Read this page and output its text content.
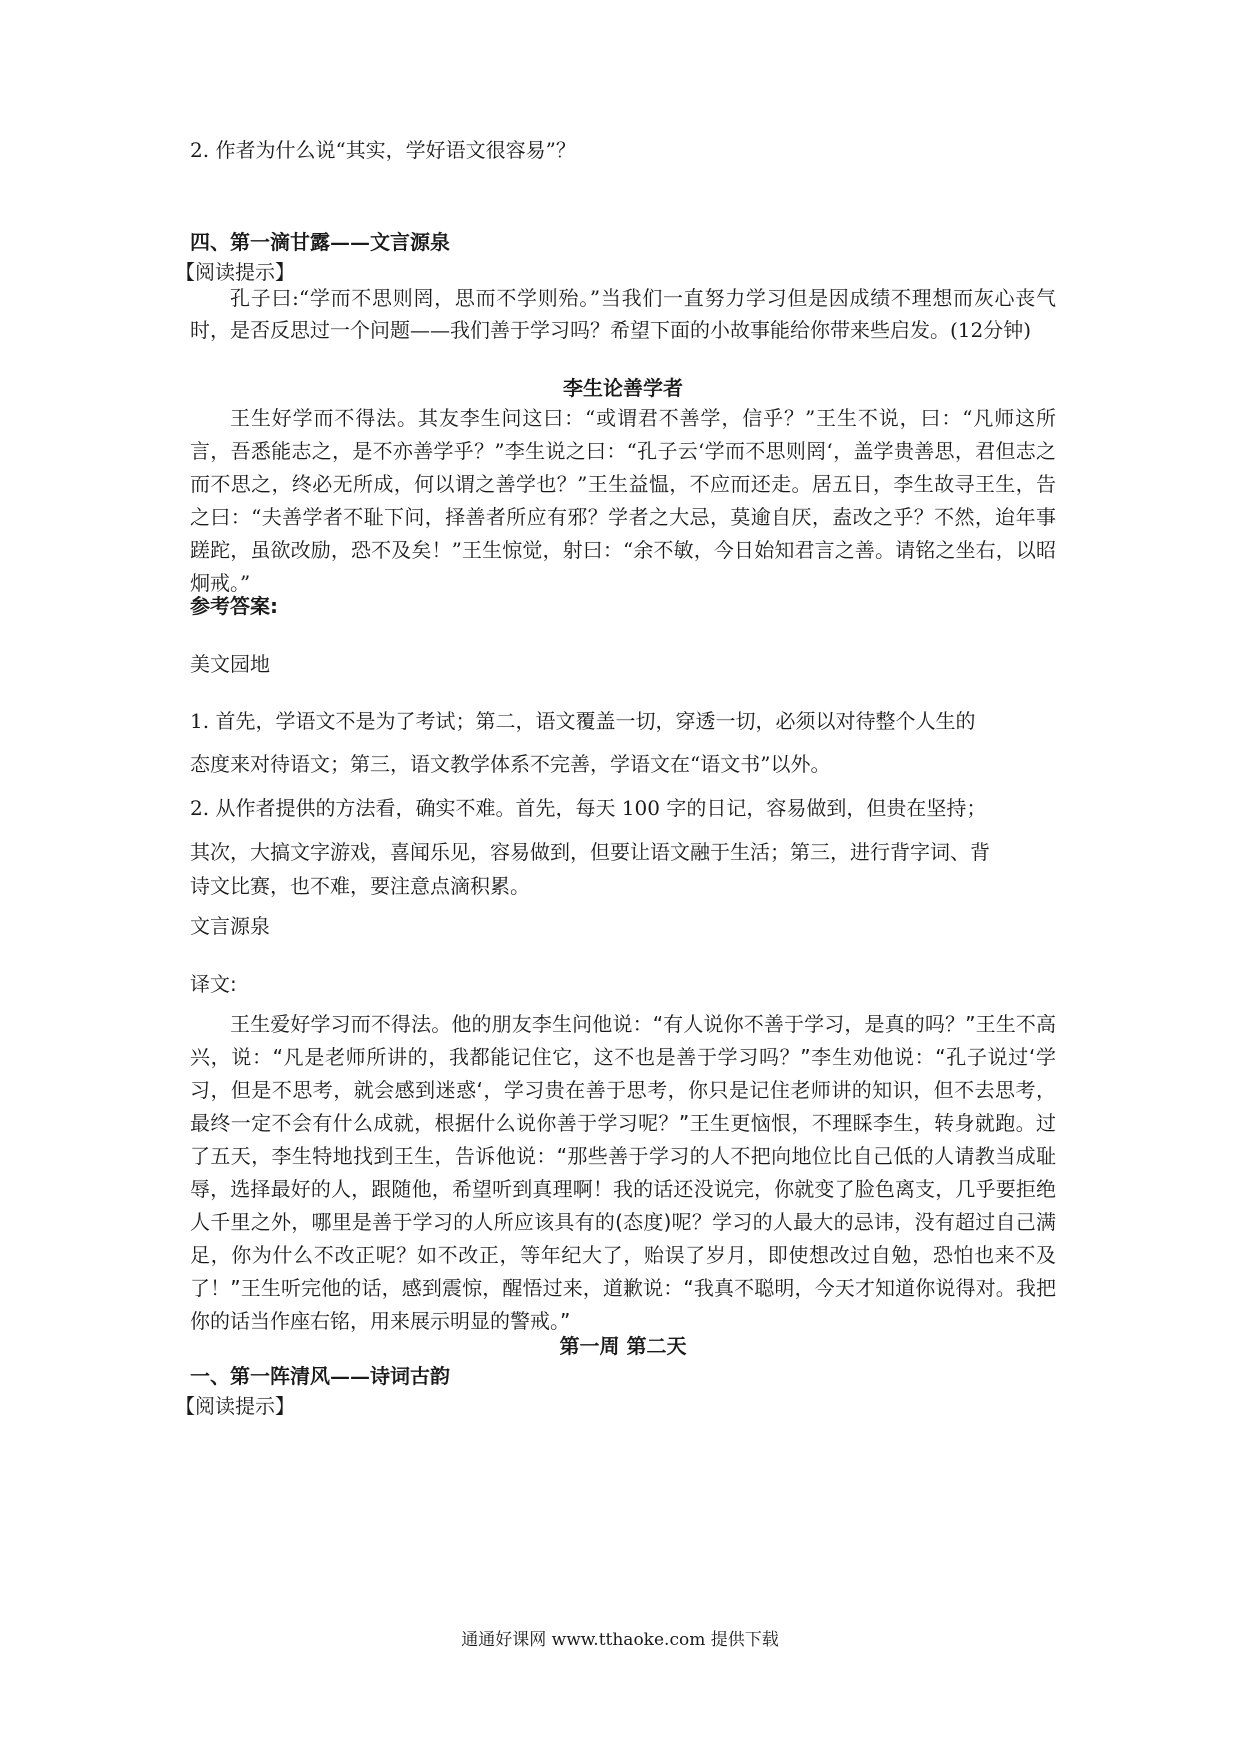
2. 作者为什么说“其实，学好语文很容易”？
四、第一滴甘露——文言源泉
【阅读提示】

孔子曰:“学而不思则罔，思而不学则殆。”当我们一直努力学习但是因成绩不理想而灰心丧气时，是否反思过一个问题——我们善于学习吗？希望下面的小故事能给你带来些启发。(12分钟)

李生论善学者

王生好学而不得法。其友李生问这曰：“或谓君不善学，信乎？”王生不说，曰：“凡师这所言，吾悉能志之，是不亦善学乎？”李生说之曰：“孔子云‘学而不思则罔‘，盖学贵善思，君但志之而不思之，终必无所成，何以谓之善学也？”王生益愠，不应而还走。居五日，李生故寻王生，告之曰：“夫善学者不耻下问，择善者所应有邪？学者之大忌，莫逾自厌，盍改之乎？不然，迨年事蹉跎，虽欲改励，恐不及矣！”王生惊觉，射曰：“余不敏，今日始知君言之善。请铭之坐右，以昭炯戒。”

参考答案:
美文园地
1. 首先，学语文不是为了考试；第二，语文覆盖一切，穿透一切，必须以对待整个人生的
态度来对待语文；第三，语文教学体系不完善，学语文在“语文书”以外。
2. 从作者提供的方法看，确实不难。首先，每天 100 字的日记，容易做到，但贵在坚持；
其次，大搞文字游戏，喜闻乐见，容易做到，但要让语文融于生活；第三，进行背字词、背
诗文比赛，也不难，要注意点滴积累。
文言源泉
译文:

王生爱好学习而不得法。他的朋友李生问他说：“有人说你不善于学习，是真的吗？”王生不高兴，说：“凡是老师所讲的，我都能记住它，这不也是善于学习吗？”李生劝他说：“孔子说过‘学习，但是不思考，就会感到迷惑‘，学习贵在善于思考，你只是记住老师讲的知识，但不去思考，最终一定不会有什么成就，根据什么说你善于学习呢？”王生更恼恨，不理睬李生，转身就跑。过了五天，李生特地找到王生，告诉他说：“那些善于学习的人不把向地位比自己低的人请教当成耻辱，选择最好的人，跟随他，希望听到真理啊！我的话还没说完，你就变了脸色离支，几乎要拒绝人千里之外，哪里是善于学习的人所应该具有的(态度)呢？学习的人最大的忌讳，没有超过自己满足，你为什么不改正呢？如不改正，等年纪大了，贻误了岁月，即使想改过自勉，恐怕也来不及了！”王生听完他的话，感到震惊，醒悟过来，道歉说：“我真不聪明，今天才知道你说得对。我把你的话当作座右铭，用来展示明显的警戒。”

第一周 第二天
一、第一阵清风——诗词古韵
【阅读提示】
通通好课网 www.tthaoke.com 提供下载
